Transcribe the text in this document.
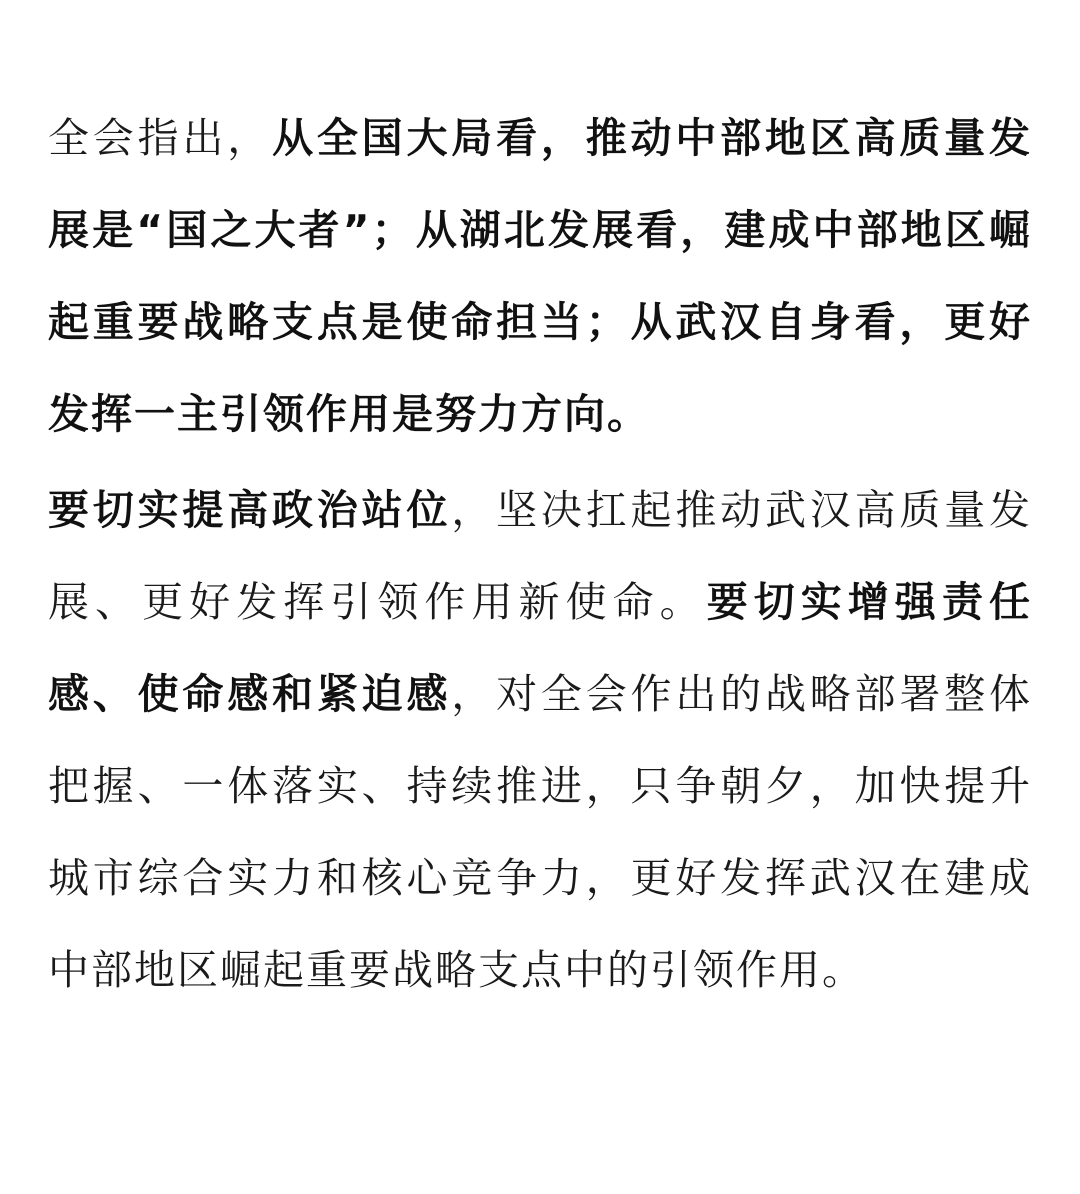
全会指出，从全国大局看，推动中部地区高质量发展是“国之大者”；从湖北发展看，建成中部地区崛起重要战略支点是使命担当；从武汉自身看，更好发挥一主引领作用是努力方向。

要切实提高政治站位，坚决扛起推动武汉高质量发展、更好发挥引领作用新使命。要切实增强责任感、使命感和紧迫感，对全会作出的战略部署整体把握、一体落实、持续推进，只争朝夕，加快提升城市综合实力和核心竞争力，更好发挥武汉在建成中部地区崛起重要战略支点中的引领作用。
